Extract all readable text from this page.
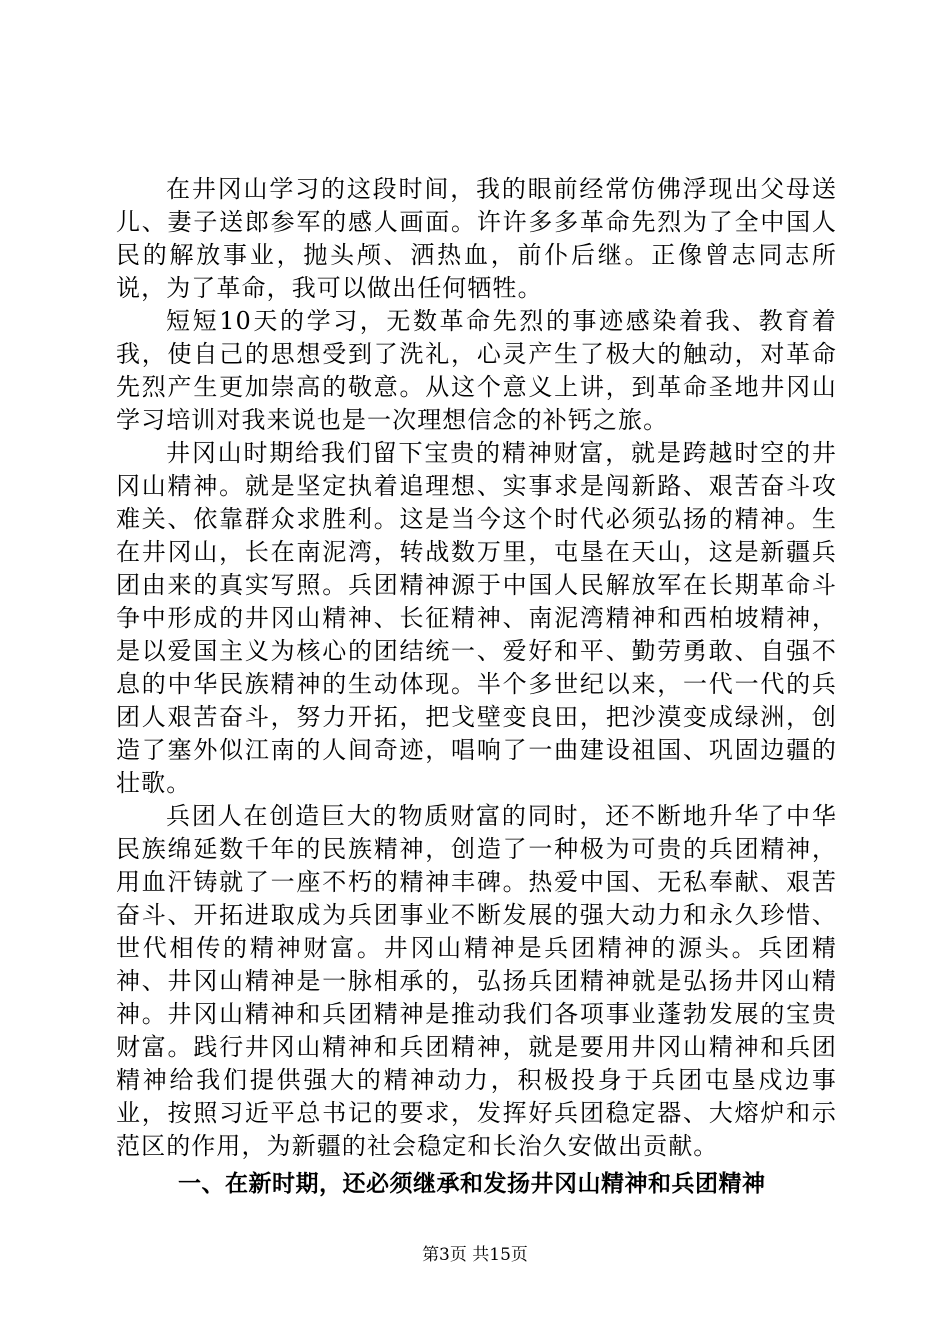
在井冈山学习的这段时间，我的眼前经常仿佛浮现出父母送儿、妻子送郎参军的感人画面。许许多多革命先烈为了全中国人民的解放事业，抛头颅、洒热血，前仆后继。正像曾志同志所说，为了革命，我可以做出任何牺牲。

短短10天的学习，无数革命先烈的事迹感染着我、教育着我，使自己的思想受到了洗礼，心灵产生了极大的触动，对革命先烈产生更加崇高的敬意。从这个意义上讲，到革命圣地井冈山学习培训对我来说也是一次理想信念的补钙之旅。

井冈山时期给我们留下宝贵的精神财富，就是跨越时空的井冈山精神。就是坚定执着追理想、实事求是闯新路、艰苦奋斗攻难关、依靠群众求胜利。这是当今这个时代必须弘扬的精神。生在井冈山，长在南泥湾，转战数万里，屯垦在天山，这是新疆兵团由来的真实写照。兵团精神源于中国人民解放军在长期革命斗争中形成的井冈山精神、长征精神、南泥湾精神和西柏坡精神，是以爱国主义为核心的团结统一、爱好和平、勤劳勇敢、自强不息的中华民族精神的生动体现。半个多世纪以来，一代一代的兵团人艰苦奋斗，努力开拓，把戈壁变良田，把沙漠变成绿洲，创造了塞外似江南的人间奇迹，唱响了一曲建设祖国、巩固边疆的壮歌。

兵团人在创造巨大的物质财富的同时，还不断地升华了中华民族绵延数千年的民族精神，创造了一种极为可贵的兵团精神，用血汗铸就了一座不朽的精神丰碑。热爱中国、无私奉献、艰苦奋斗、开拓进取成为兵团事业不断发展的强大动力和永久珍惜、世代相传的精神财富。井冈山精神是兵团精神的源头。兵团精神、井冈山精神是一脉相承的，弘扬兵团精神就是弘扬井冈山精神。井冈山精神和兵团精神是推动我们各项事业蓬勃发展的宝贵财富。践行井冈山精神和兵团精神，就是要用井冈山精神和兵团精神给我们提供强大的精神动力，积极投身于兵团屯垦戍边事业，按照习近平总书记的要求，发挥好兵团稳定器、大熔炉和示范区的作用，为新疆的社会稳定和长治久安做出贡献。

一、在新时期，还必须继承和发扬井冈山精神和兵团精神
第3页 共15页
